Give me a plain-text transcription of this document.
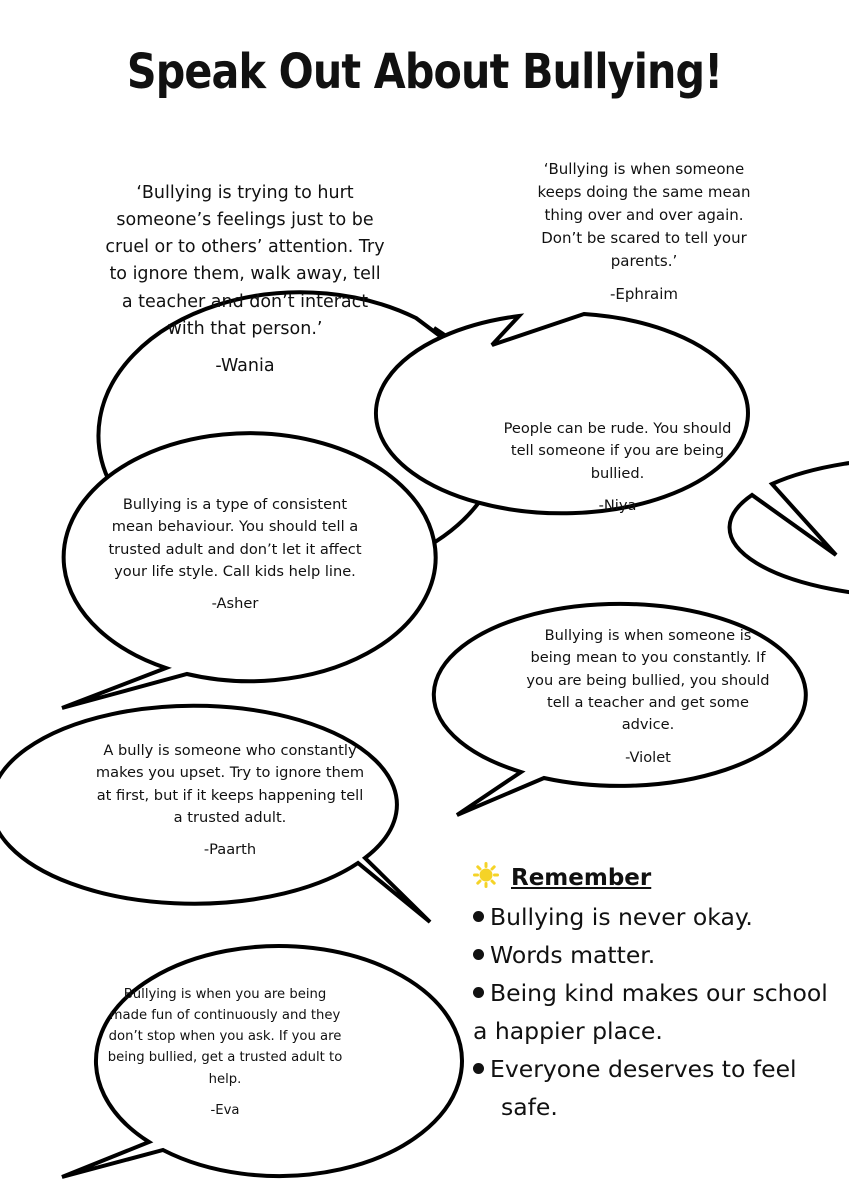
Speak Out About Bullying!
‘Bullying is trying to hurt someone’s feelings just to be cruel or to others’ attention. Try to ignore them, walk away, tell a teacher and don’t interact with that person.’
-Wania
‘Bullying is when someone keeps doing the same mean thing over and over again. Don’t be scared to tell your parents.’
-Ephraim
People can be rude. You should tell someone if you are being bullied.
-Niya
Bullying is a type of consistent mean behaviour. You should tell a trusted adult and don’t let it affect your life style. Call kids help line.
-Asher
Bullying is when someone is being mean to you constantly. If you are being bullied, you should tell a teacher and get some advice.
-Violet
A bully is someone who constantly makes you upset. Try to ignore them at first, but if it keeps happening tell a trusted adult.
-Paarth
Bullying is when you are being made fun of continuously and they don’t stop when you ask. If you are being bullied, get a trusted adult to help.
-Eva
Remember
Bullying is never okay.
Words matter.
Being kind makes our school
a happier place.
Everyone deserves to feel
safe.
